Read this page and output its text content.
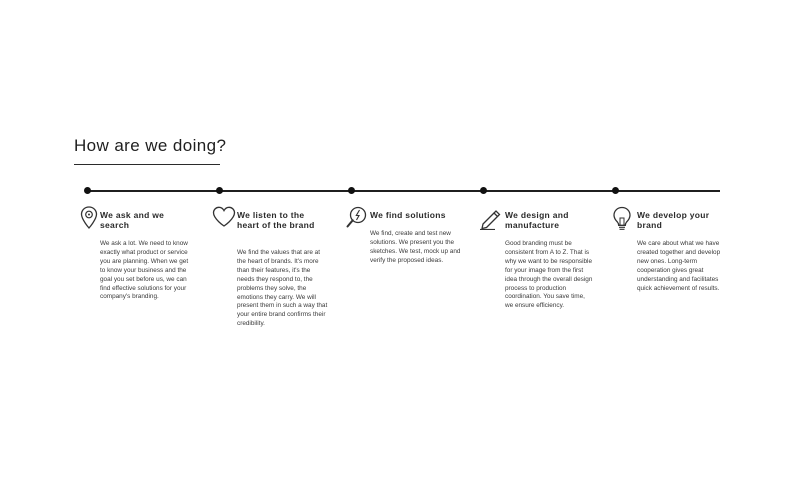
How are we doing?
We ask and we search
We ask a lot. We need to know exactly what product or service you are planning. When we get to know your business and the goal you set before us, we can find effective solutions for your company's branding.
We listen to the heart of the brand
We find the values that are at the heart of brands. It's more than their features, it's the needs they respond to, the problems they solve, the emotions they carry. We will present them in such a way that your entire brand confirms their credibility.
We find solutions
We find, create and test new solutions. We present you the sketches. We test, mock up and verify the proposed ideas.
We design and manufacture
Good branding must be consistent from A to Z. That is why we want to be responsible for your image from the first idea through the overall design process to production coordination. You save time, we ensure efficiency.
We develop your brand
We care about what we have created together and develop new ones. Long-term cooperation gives great understanding and facilitates quick achievement of results.
